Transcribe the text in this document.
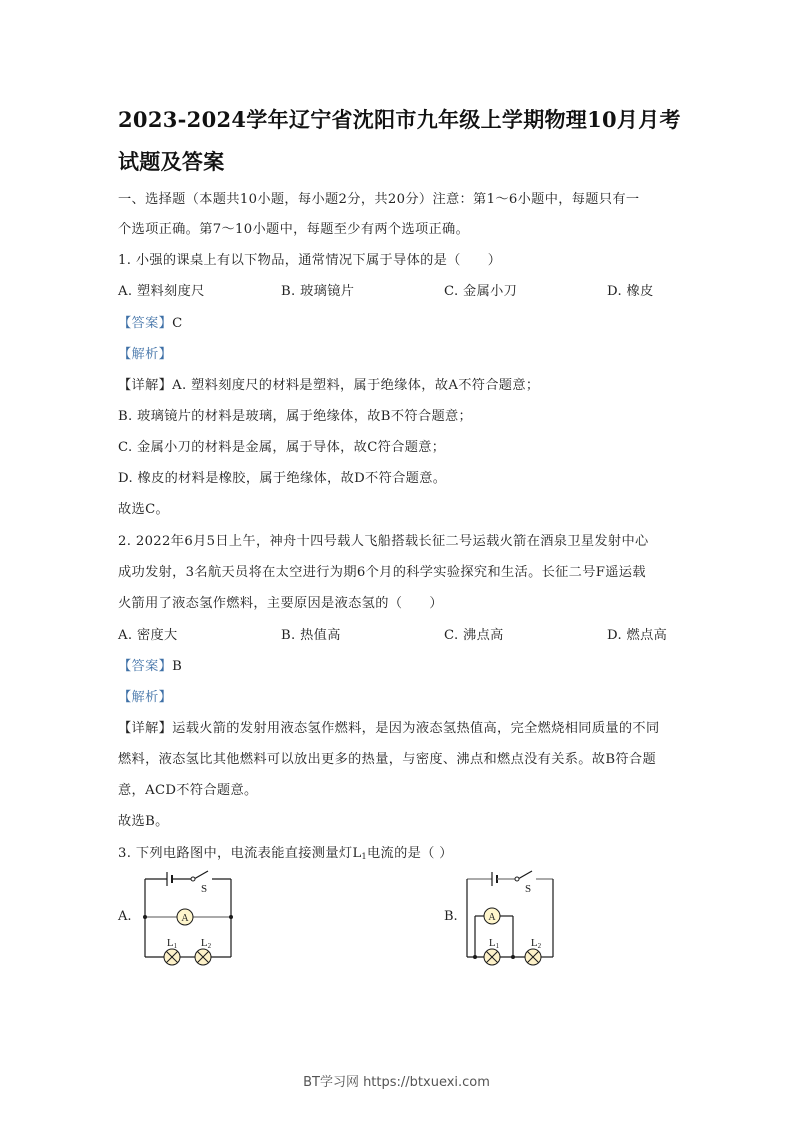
2023-2024学年辽宁省沈阳市九年级上学期物理10月月考
试题及答案
一、选择题（本题共10小题，每小题2分，共20分）注意：第1～6小题中，每题只有一
个选项正确。第7～10小题中，每题至少有两个选项正确。
1. 小强的课桌上有以下物品，通常情况下属于导体的是（　　）
A. 塑料刻度尺	B. 玻璃镜片	C. 金属小刀	D. 橡皮
【答案】C
【解析】
【详解】A. 塑料刻度尺的材料是塑料，属于绝缘体，故A不符合题意；
B. 玻璃镜片的材料是玻璃，属于绝缘体，故B不符合题意；
C. 金属小刀的材料是金属，属于导体，故C符合题意；
D. 橡皮的材料是橡胶，属于绝缘体，故D不符合题意。
故选C。
2. 2022年6月5日上午，神舟十四号载人飞船搭载长征二号运载火箭在酒泉卫星发射中心
成功发射，3名航天员将在太空进行为期6个月的科学实验探究和生活。长征二号F遥运载
火箭用了液态氢作燃料，主要原因是液态氢的（　　）
A. 密度大	B. 热值高	C. 沸点高	D. 燃点高
【答案】B
【解析】
【详解】运载火箭的发射用液态氢作燃料，是因为液态氢热值高，完全燃烧相同质量的不同
燃料，液态氢比其他燃料可以放出更多的热量，与密度、沸点和燃点没有关系。故B符合题
意，ACD不符合题意。
故选B。
3. 下列电路图中，电流表能直接测量灯$L_1$电流的是（ ）
A.	A
S
L1 L2
B.	A
S
L1	L2
BT学习网 https://btxuexi.com
